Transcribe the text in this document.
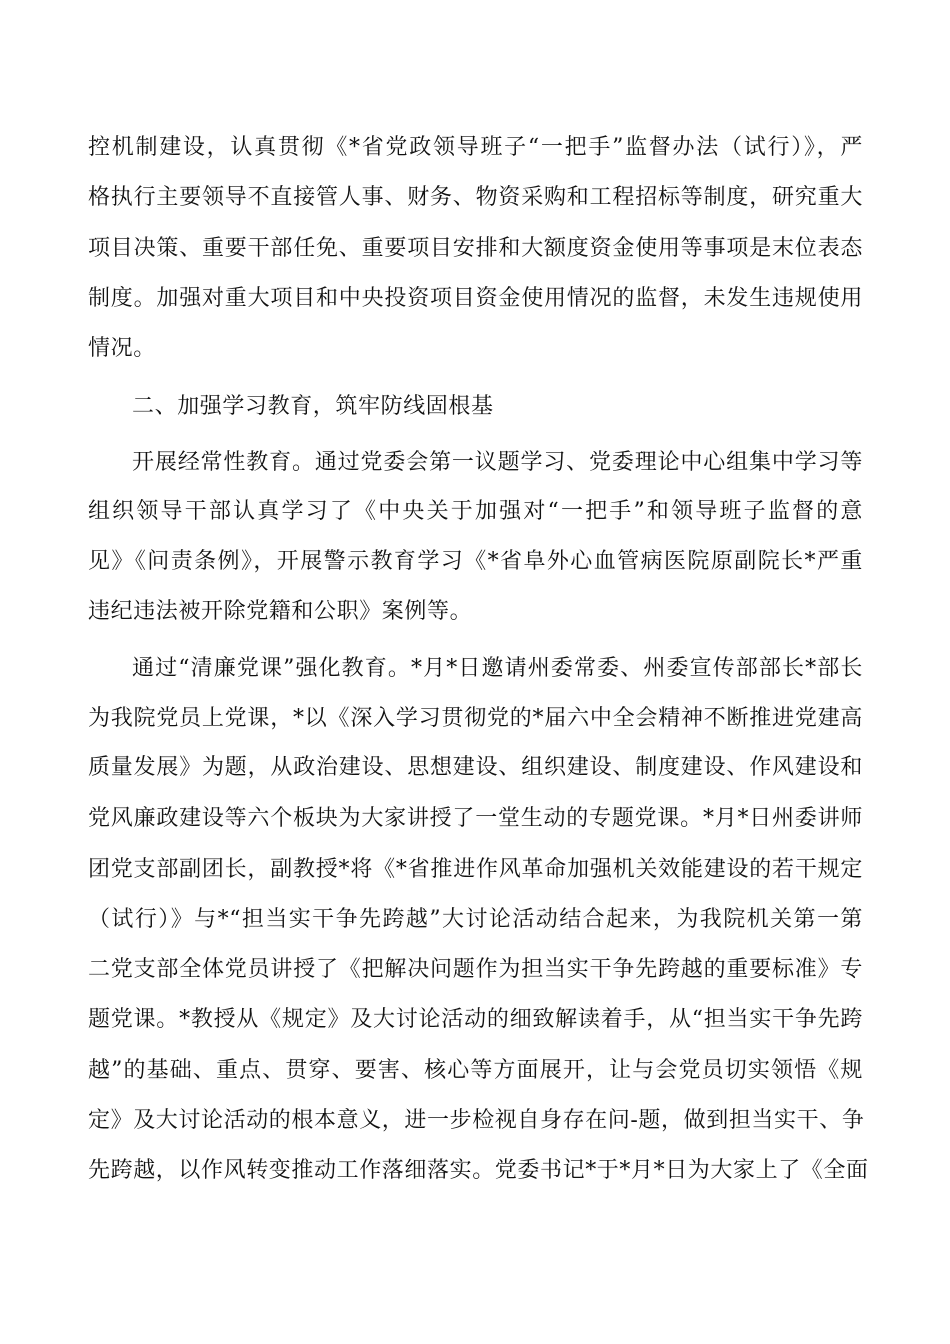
控机制建设，认真贯彻《*省党政领导班子“一把手”监督办法（试行）》，严
格执行主要领导不直接管人事、财务、物资采购和工程招标等制度，研究重大
项目决策、重要干部任免、重要项目安排和大额度资金使用等事项是末位表态
制度。加强对重大项目和中央投资项目资金使用情况的监督，未发生违规使用
情况。
二、加强学习教育，筑牢防线固根基
开展经常性教育。通过党委会第一议题学习、党委理论中心组集中学习等
组织领导干部认真学习了《中央关于加强对“一把手”和领导班子监督的意
见》《问责条例》，开展警示教育学习《*省阜外心血管病医院原副院长*严重
违纪违法被开除党籍和公职》案例等。
通过“清廉党课”强化教育。*月*日邀请州委常委、州委宣传部部长*部长
为我院党员上党课，*以《深入学习贯彻党的*届六中全会精神不断推进党建高
质量发展》为题，从政治建设、思想建设、组织建设、制度建设、作风建设和
党风廉政建设等六个板块为大家讲授了一堂生动的专题党课。*月*日州委讲师
团党支部副团长，副教授*将《*省推进作风革命加强机关效能建设的若干规定
（试行）》与*“担当实干争先跨越”大讨论活动结合起来，为我院机关第一第
二党支部全体党员讲授了《把解决问题作为担当实干争先跨越的重要标准》专
题党课。*教授从《规定》及大讨论活动的细致解读着手，从“担当实干争先跨
越”的基础、重点、贯穿、要害、核心等方面展开，让与会党员切实领悟《规
定》及大讨论活动的根本意义，进一步检视自身存在问-题，做到担当实干、争
先跨越，以作风转变推动工作落细落实。党委书记*于*月*日为大家上了《全面
